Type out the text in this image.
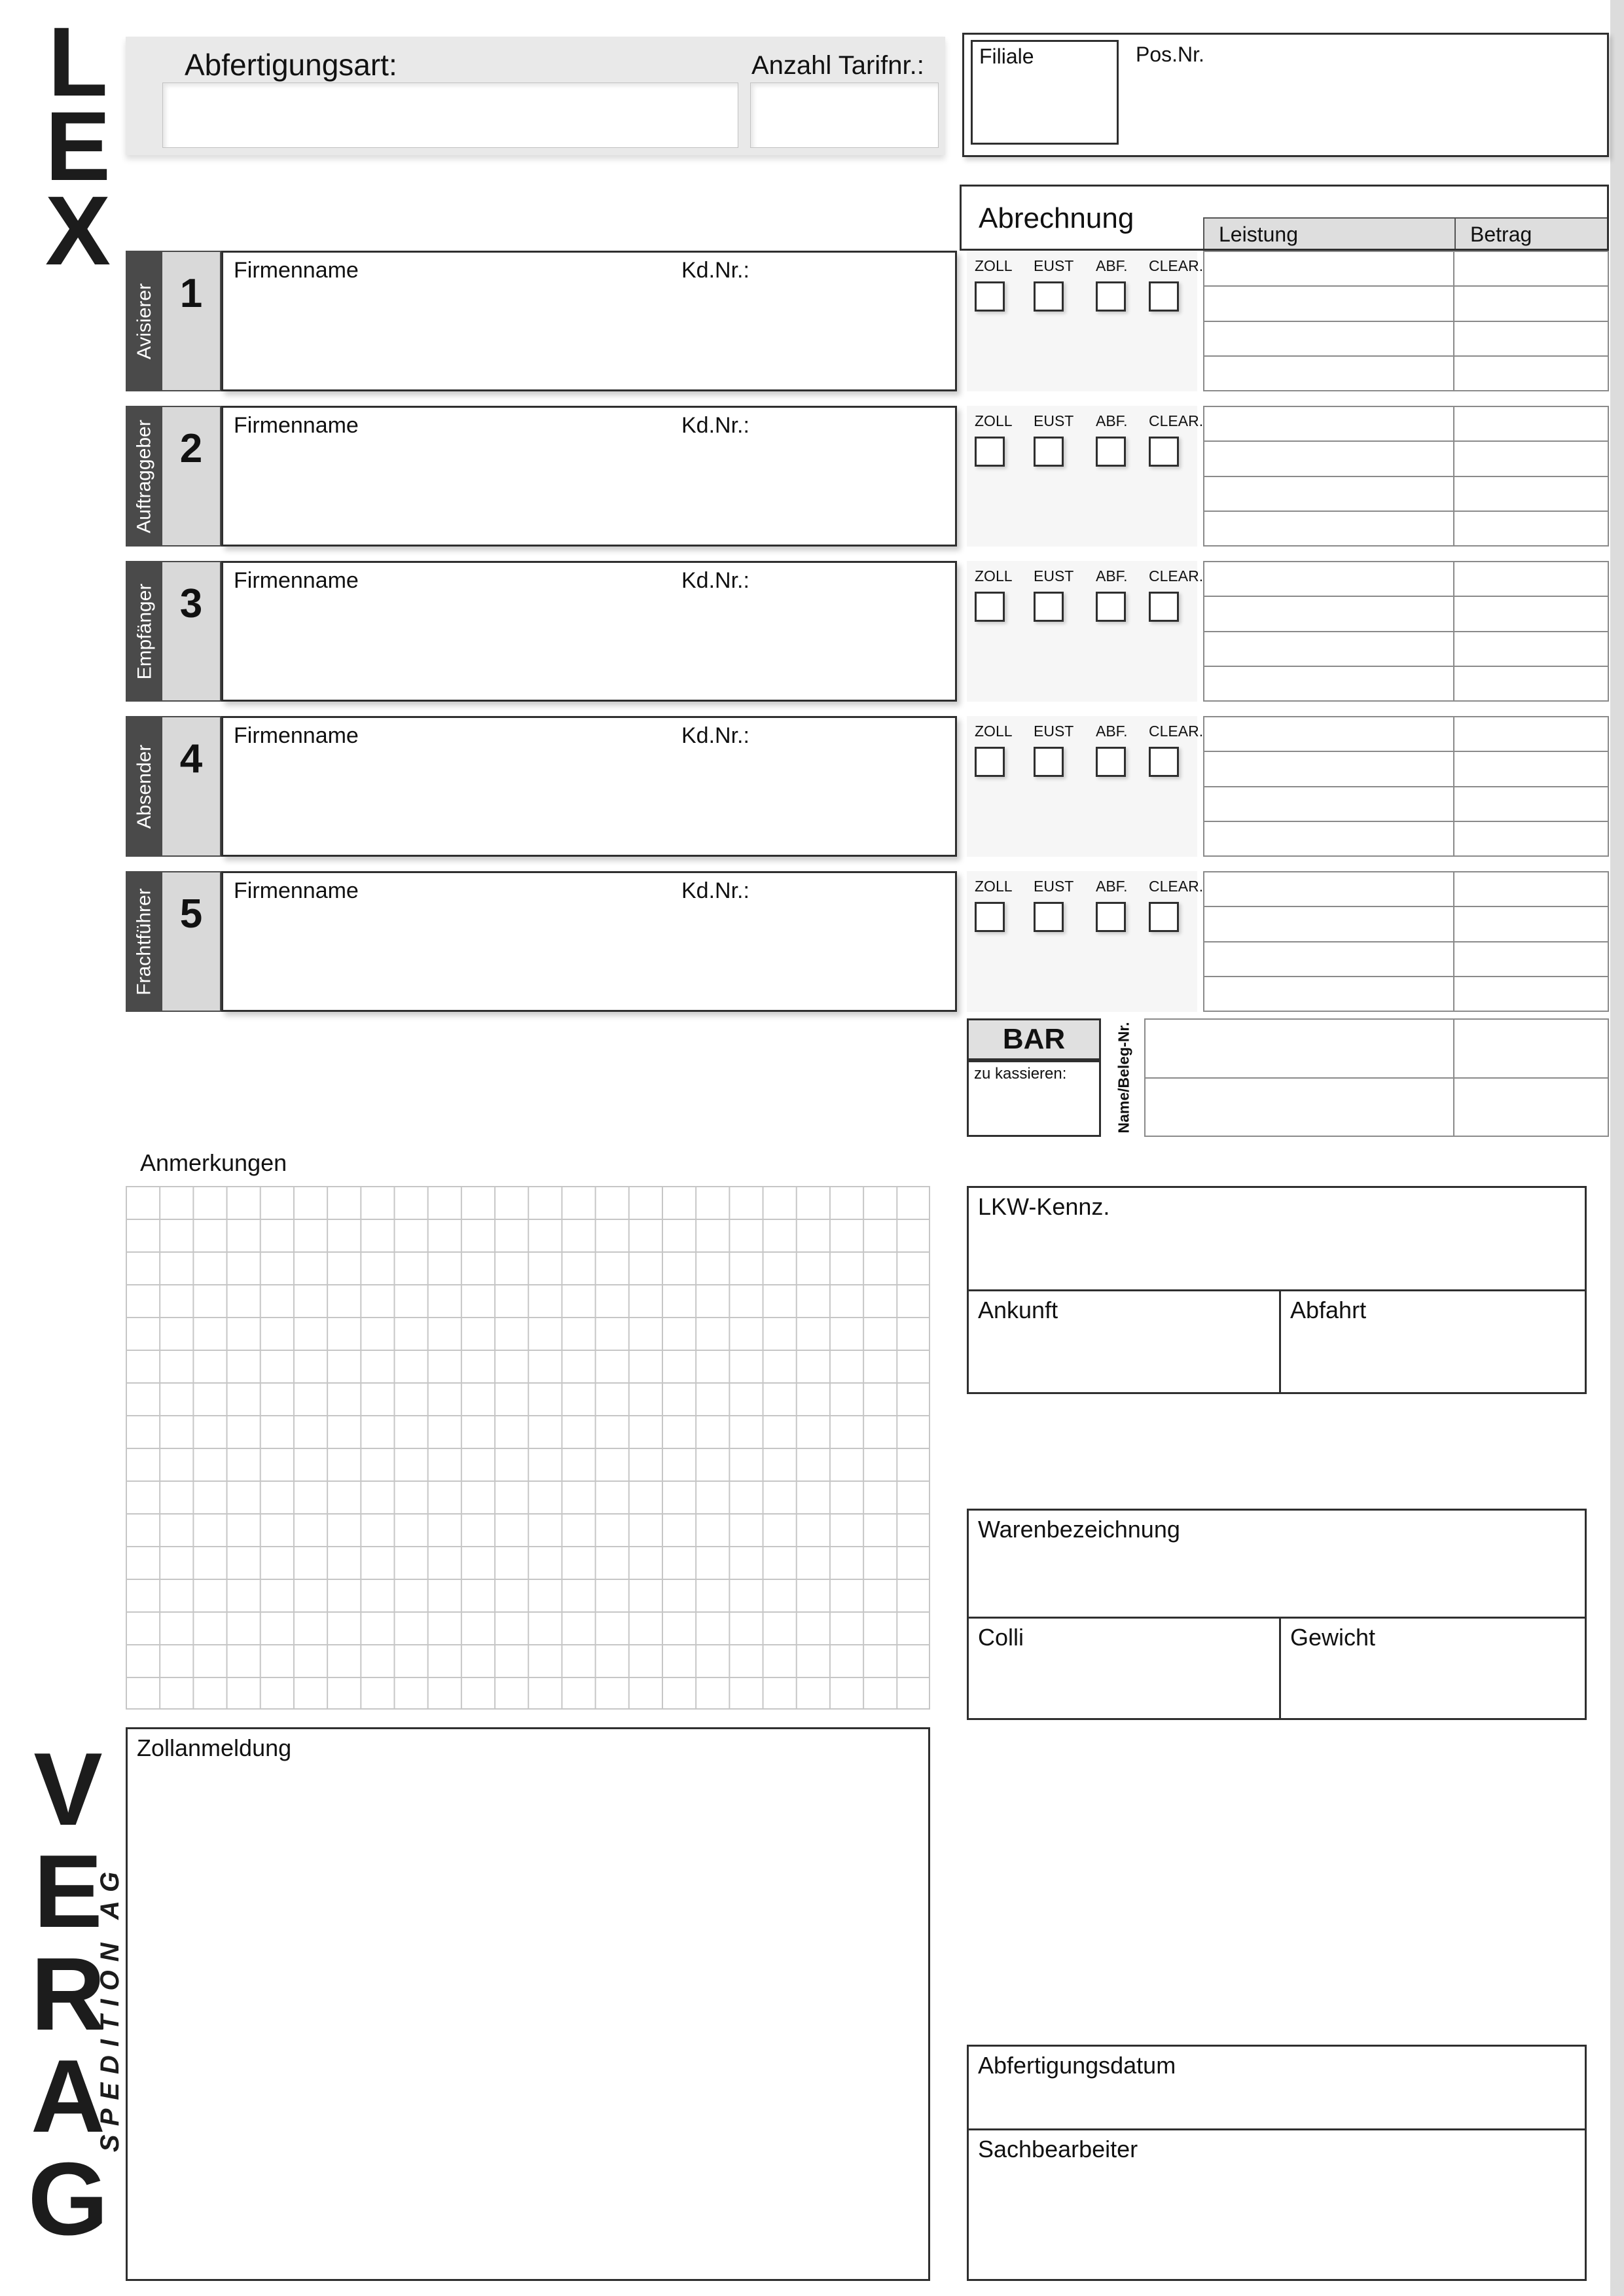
LEX
VERAG
SPEDITION AG
Abfertigungsart:	Anzahl Tarifnr.:	Filiale	Pos.Nr.
Abrechnung	Leistung	Betrag
Avisierer 1
Firmenname	Kd.Nr.:	ZOLL EUST ABF. CLEAR.
Auftraggeber 2
Firmenname	Kd.Nr.:	ZOLL EUST ABF. CLEAR.
Empfänger 3
Firmenname	Kd.Nr.:	ZOLL EUST ABF. CLEAR.
Absender 4
Firmenname	Kd.Nr.:	ZOLL EUST ABF. CLEAR.
Frachtführer 5
Firmenname	Kd.Nr.:	ZOLL EUST ABF. CLEAR.
BAR
zu kassieren:	Name/Beleg-Nr.
Anmerkungen
LKW-Kennz.
Ankunft	Abfahrt
Warenbezeichnung
Colli	Gewicht
Zollanmeldung
Abfertigungsdatum
Sachbearbeiter
